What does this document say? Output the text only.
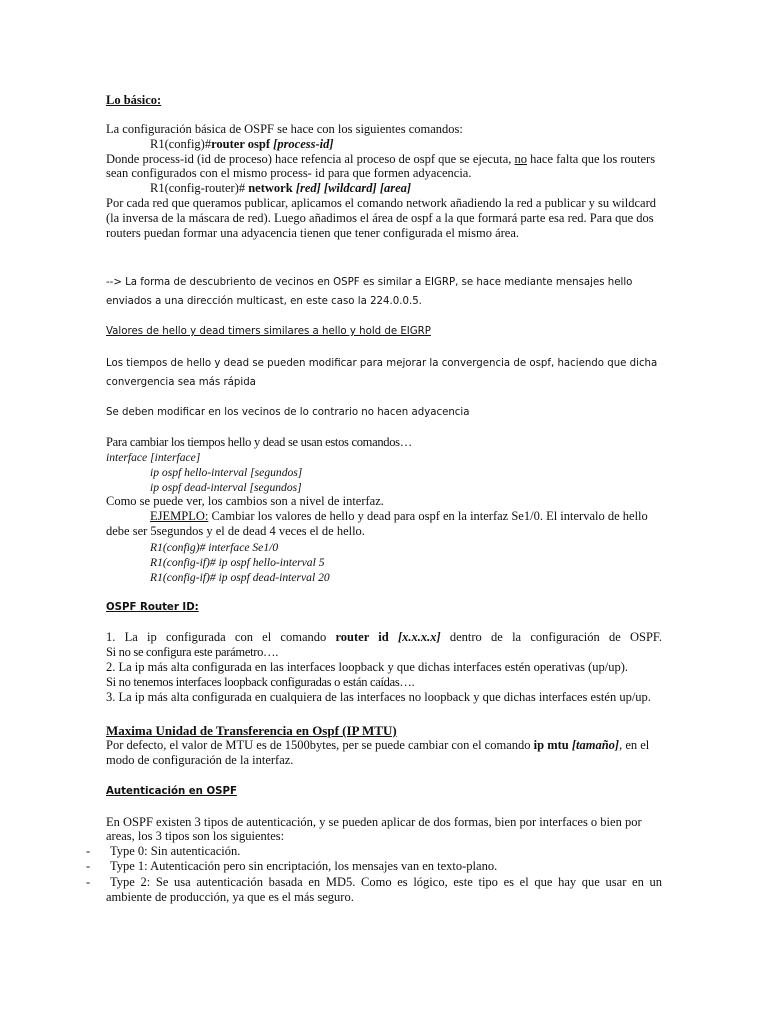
Lo básico:
La configuración básica de OSPF se hace con los siguientes comandos:
R1(config)#router ospf [process-id]
Donde process-id (id de proceso) hace refencia al proceso de ospf que se ejecuta, no hace falta que los routers
sean configurados con el mismo process- id para que formen adyacencia.
R1(config-router)# network [red] [wildcard] [area]
Por cada red que queramos publicar, aplicamos el comando network añadiendo la red a publicar y su wildcard
(la inversa de la máscara de red). Luego añadimos el área de ospf a la que formará parte esa red. Para que dos
routers puedan formar una adyacencia tienen que tener configurada el mismo área.
--> La forma de descubriento de vecinos en OSPF es similar a EIGRP, se hace mediante mensajes hello
enviados a una dirección multicast, en este caso la 224.0.0.5.
Valores de hello y dead timers similares a hello y hold de EIGRP
Los tiempos de hello y dead se pueden modificar para mejorar la convergencia de ospf, haciendo que dicha
convergencia sea más rápida
Se deben modificar en los vecinos de lo contrario no hacen adyacencia
Para cambiar los tiempos hello y dead se usan estos comandos…
interface [interface]
ip ospf hello-interval [segundos]
ip ospf dead-interval [segundos]
Como se puede ver, los cambios son a nivel de interfaz.
EJEMPLO: Cambiar los valores de hello y dead para ospf en la interfaz Se1/0. El intervalo de hello
debe ser 5segundos y el de dead 4 veces el de hello.
R1(config)# interface Se1/0
R1(config-if)# ip ospf hello-interval 5
R1(config-if)# ip ospf dead-interval 20
OSPF Router ID:
1. La ip configurada con el comando router id [x.x.x.x] dentro de la configuración de OSPF.
Si no se configura este parámetro….
2. La ip más alta configurada en las interfaces loopback y que dichas interfaces estén operativas (up/up).
Si no tenemos interfaces loopback configuradas o están caídas….
3. La ip más alta configurada en cualquiera de las interfaces no loopback y que dichas interfaces estén up/up.
Maxima Unidad de Transferencia en Ospf (IP MTU)
Por defecto, el valor de MTU es de 1500bytes, per se puede cambiar con el comando ip mtu [tamaño], en el
modo de configuración de la interfaz.
Autenticación en OSPF
En OSPF existen 3 tipos de autenticación, y se pueden aplicar de dos formas, bien por interfaces o bien por
areas, los 3 tipos son los siguientes:
- Type 0: Sin autenticación.
- Type 1: Autenticación pero sin encriptación, los mensajes van en texto-plano.
- Type 2: Se usa autenticación basada en MD5. Como es lógico, este tipo es el que hay que usar en un
ambiente de producción, ya que es el más seguro.
